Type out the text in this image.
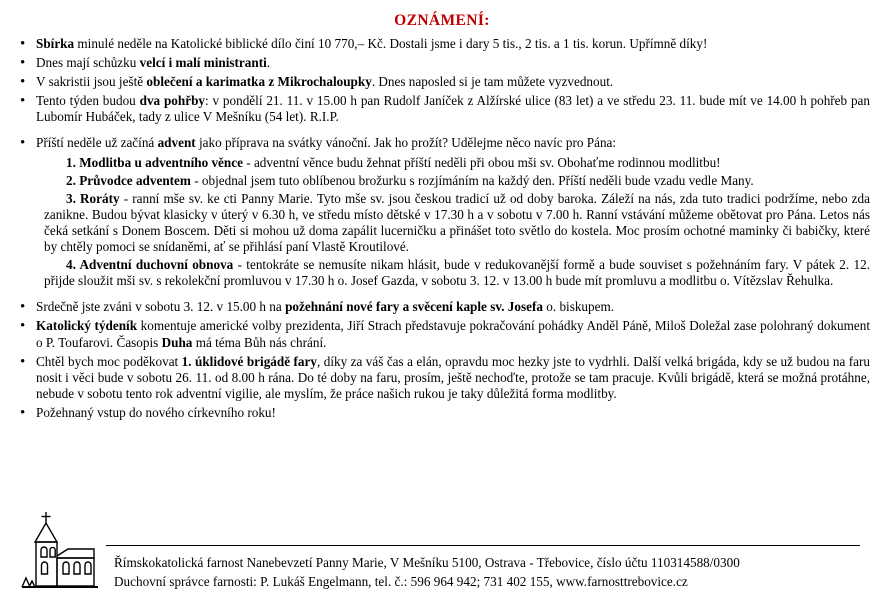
OZNÁMENÍ:
• Sbírka minulé neděle na Katolické biblické dílo činí 10 770,– Kč. Dostali jsme i dary 5 tis., 2 tis. a 1 tis. korun. Upřímně díky!
• Dnes mají schůzku velcí i malí ministranti.
• V sakristii jsou ještě oblečení a karimatka z Mikrochaloupky. Dnes naposled si je tam můžete vyzvednout.
• Tento týden budou dva pohřby: v pondělí 21. 11. v 15.00 h pan Rudolf Janíček z Alžírské ulice (83 let) a ve středu 23. 11. bude mít ve 14.00 h pohřeb pan Lubomír Hubáček, tady z ulice V Mešníku (54 let). R.I.P.
• Příští neděle už začíná advent jako příprava na svátky vánoční. Jak ho prožít? Udělejme něco navíc pro Pána:
1. Modlitba u adventního věnce - adventní věnce budu žehnat příští neděli při obou mši sv. Obohaťme rodinnou modlitbu!
2. Průvodce adventem - objednal jsem tuto oblíbenou brožurku s rozjímáním na každý den. Příští neděli bude vzadu vedle Many.
3. Roráty - ranní mše sv. ke cti Panny Marie. Tyto mše sv. jsou českou tradicí už od doby baroka. Záleží na nás, zda tuto tradici podržíme, nebo zda zanikne. Budou bývat klasicky v úterý v 6.30 h, ve středu místo dětské v 17.30 h a v sobotu v 7.00 h. Ranní vstávání můžeme obětovat pro Pána. Letos nás čeká setkání s Donem Boscem. Děti si mohou už doma zapálit lucerničku a přinášet toto světlo do kostela. Moc prosím ochotné maminky či babičky, které by chtěly pomoci se snídaněmi, ať se přihlásí paní Vlastě Kroutilové.
4. Adventní duchovní obnova - tentokráte se nemusíte nikam hlásit, bude v redukovanější formě a bude souviset s požehnáním fary. V pátek 2. 12. přijde sloužit mši sv. s rekolekční promluvou v 17.30 h o. Josef Gazda, v sobotu 3. 12. v 13.00 h bude mít promluvu a modlitbu o. Vítězslav Řehulka.
• Srdečně jste zváni v sobotu 3. 12. v 15.00 h na požehnání nové fary a svěcení kaple sv. Josefa o. biskupem.
• Katolický týdeník komentuje americké volby prezidenta, Jiří Strach představuje pokračování pohádky Anděl Páně, Miloš Doležal zase polohraný dokument o P. Toufarovi. Časopis Duha má téma Bůh nás chrání.
• Chtěl bych moc poděkovat 1. úklidové brigádě fary, díky za váš čas a elán, opravdu moc hezky jste to vydrhli. Další velká brigáda, kdy se už budou na faru nosit i věci bude v sobotu 26. 11. od 8.00 h rána. Do té doby na faru, prosím, ještě nechoďte, protože se tam pracuje. Kvůli brigádě, která se možná protáhne, nebude v sobotu tento rok adventní vigilie, ale myslím, že práce našich rukou je taky důležitá forma modlitby.
• Požehnaný vstup do nového církevního roku!
Římskokatolická farnost Nanebevzetí Panny Marie, V Mešníku 5100, Ostrava - Třebovice, číslo účtu 110314588/0300
Duchovní správce farnosti: P. Lukáš Engelmann, tel. č.: 596 964 942; 731 402 155, www.farnosttrebovice.cz
